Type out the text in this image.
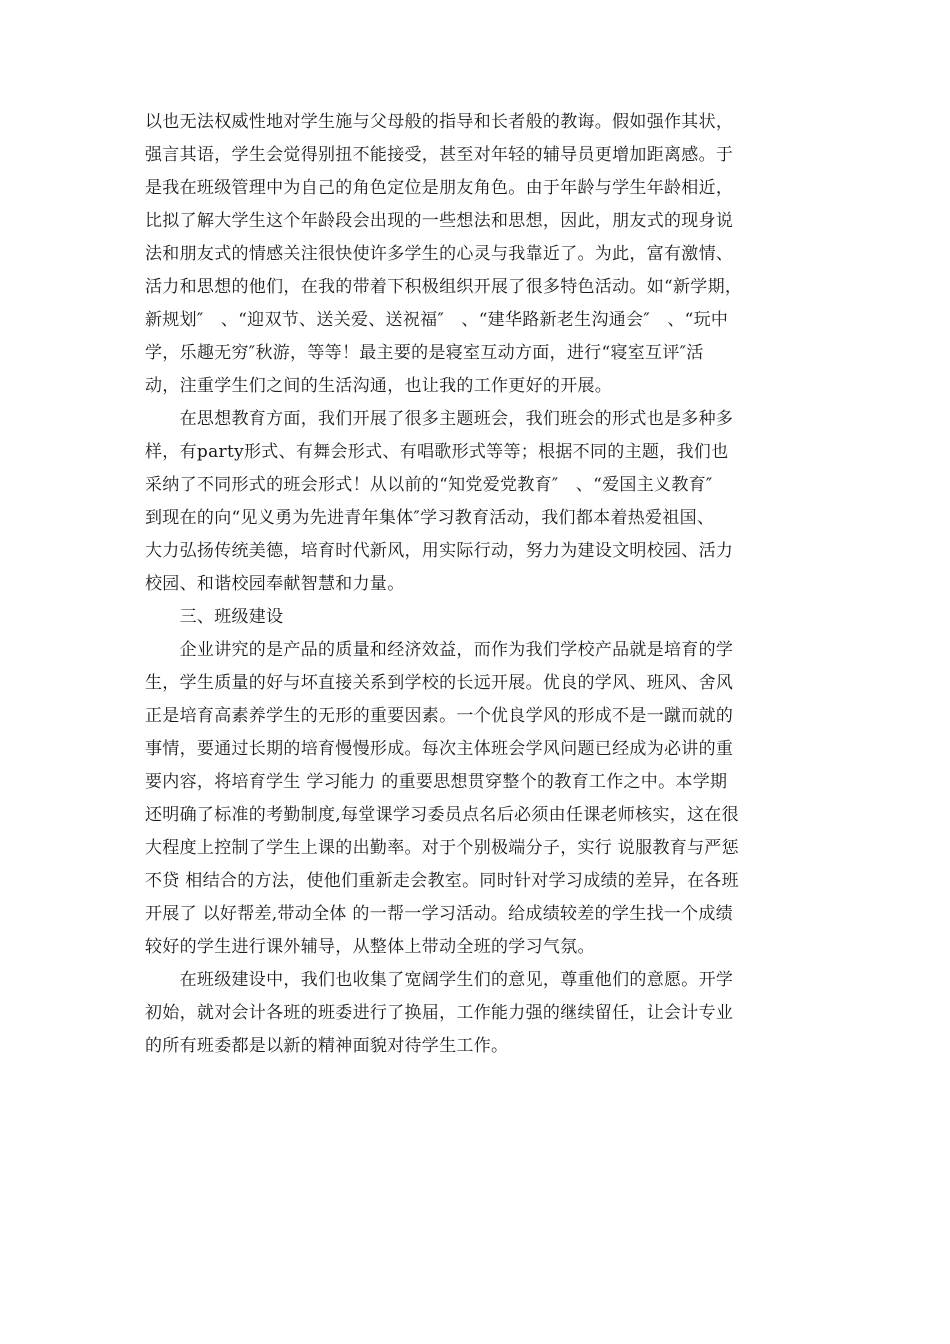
以也无法权威性地对学生施与父母般的指导和长者般的教诲。假如强作其状，
强言其语，学生会觉得别扭不能接受，甚至对年轻的辅导员更增加距离感。于
是我在班级管理中为自己的角色定位是朋友角色。由于年龄与学生年龄相近，
比拟了解大学生这个年龄段会出现的一些想法和思想，因此，朋友式的现身说
法和朋友式的情感关注很快使许多学生的心灵与我靠近了。为此，富有激情、
活力和思想的他们，在我的带着下积极组织开展了很多特色活动。如“新学期，
新规划″　、“迎双节、送关爱、送祝福″　、“建华路新老生沟通会″　、“玩中
学，乐趣无穷″秋游，等等！最主要的是寝室互动方面，进行“寝室互评″活
动，注重学生们之间的生活沟通，也让我的工作更好的开展。
　　在思想教育方面，我们开展了很多主题班会，我们班会的形式也是多种多
样，有party形式、有舞会形式、有唱歌形式等等；根据不同的主题，我们也
采纳了不同形式的班会形式！从以前的“知党爱党教育″　、“爱国主义教育″
到现在的向“见义勇为先进青年集体″学习教育活动，我们都本着热爱祖国、
大力弘扬传统美德，培育时代新风，用实际行动，努力为建设文明校园、活力
校园、和谐校园奉献智慧和力量。
　　三、班级建设
　　企业讲究的是产品的质量和经济效益，而作为我们学校产品就是培育的学
生，学生质量的好与坏直接关系到学校的长远开展。优良的学风、班风、舍风
正是培育高素养学生的无形的重要因素。一个优良学风的形成不是一蹴而就的
事情，要通过长期的培育慢慢形成。每次主体班会学风问题已经成为必讲的重
要内容，将培育学生 学习能力 的重要思想贯穿整个的教育工作之中。本学期
还明确了标准的考勤制度,每堂课学习委员点名后必须由任课老师核实，这在很
大程度上控制了学生上课的出勤率。对于个别极端分子，实行 说服教育与严惩
不贷 相结合的方法，使他们重新走会教室。同时针对学习成绩的差异，在各班
开展了 以好帮差,带动全体 的一帮一学习活动。给成绩较差的学生找一个成绩
较好的学生进行课外辅导，从整体上带动全班的学习气氛。
　　在班级建设中，我们也收集了宽阔学生们的意见，尊重他们的意愿。开学
初始，就对会计各班的班委进行了换届，工作能力强的继续留任，让会计专业
的所有班委都是以新的精神面貌对待学生工作。
